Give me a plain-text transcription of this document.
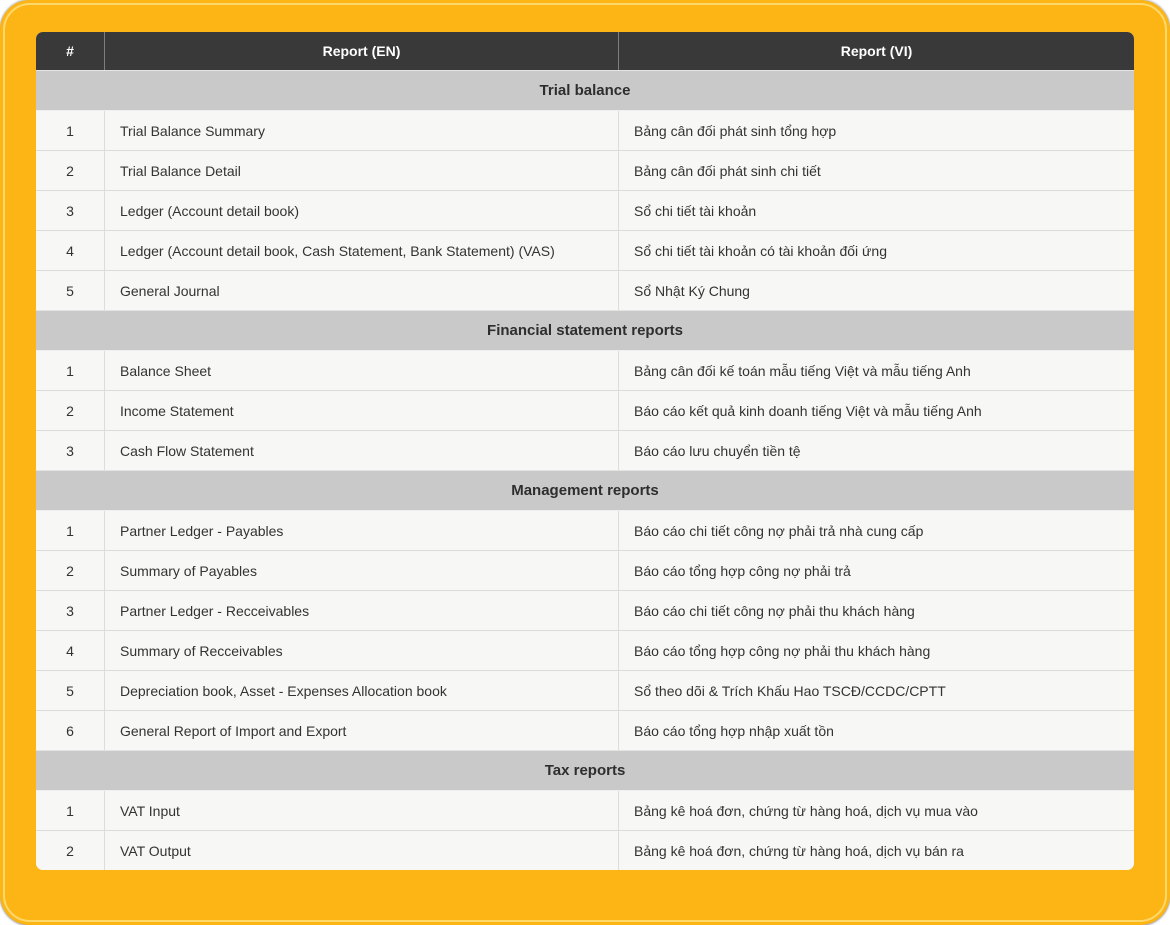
#	Report (EN)	Report (VI)
Trial balance
1	Trial Balance Summary	Bảng cân đối phát sinh tổng hợp
2	Trial Balance Detail	Bảng cân đối phát sinh chi tiết
3	Ledger (Account detail book)	Sổ chi tiết tài khoản
4	Ledger (Account detail book, Cash Statement, Bank Statement) (VAS)	Sổ chi tiết tài khoản có tài khoản đối ứng
5	General Journal	Sổ Nhật Ký Chung
Financial statement reports
1	Balance Sheet	Bảng cân đối kế toán mẫu tiếng Việt và mẫu tiếng Anh
2	Income Statement	Báo cáo kết quả kinh doanh tiếng Việt và mẫu tiếng Anh
3	Cash Flow Statement	Báo cáo lưu chuyển tiền tệ
Management reports
1	Partner Ledger - Payables	Báo cáo chi tiết công nợ phải trả nhà cung cấp
2	Summary of Payables	Báo cáo tổng hợp công nợ phải trả
3	Partner Ledger - Recceivables	Báo cáo chi tiết công nợ phải thu khách hàng
4	Summary of Recceivables	Báo cáo tổng hợp công nợ phải thu khách hàng
5	Depreciation book, Asset - Expenses Allocation book	Sổ theo dõi & Trích Khấu Hao TSCĐ/CCDC/CPTT
6	General Report of Import and Export	Báo cáo tổng hợp nhập xuất tồn
Tax reports
1	VAT Input	Bảng kê hoá đơn, chứng từ hàng hoá, dịch vụ mua vào
2	VAT Output	Bảng kê hoá đơn, chứng từ hàng hoá, dịch vụ bán ra
